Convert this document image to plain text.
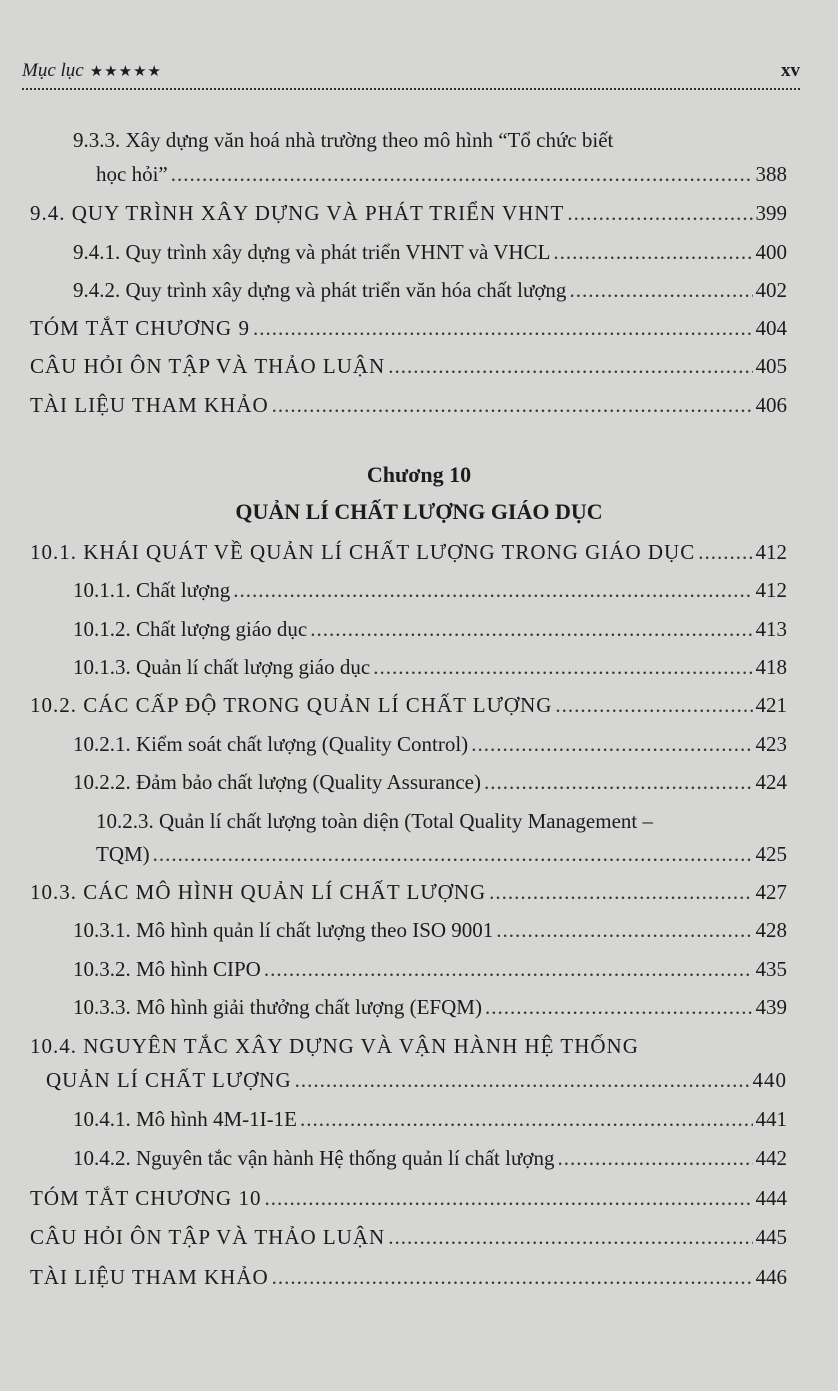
Mục lục ★★★★★	xv
9.3.3. Xây dựng văn hoá nhà trường theo mô hình “Tổ chức biết
học hỏi” .....	388
9.4. QUY TRÌNH XÂY DỰNG VÀ PHÁT TRIỂN VHNT .....	399
9.4.1. Quy trình xây dựng và phát triển VHNT và VHCL .....	400
9.4.2. Quy trình xây dựng và phát triển văn hóa chất lượng .....	402
TÓM TẮT CHƯƠNG 9 .....	404
CÂU HỎI ÔN TẬP VÀ THẢO LUẬN .....	405
TÀI LIỆU THAM KHẢO .....	406
Chương 10
QUẢN LÍ CHẤT LƯỢNG GIÁO DỤC
10.1. KHÁI QUÁT VỀ QUẢN LÍ CHẤT LƯỢNG TRONG GIÁO DỤC .....	412
10.1.1. Chất lượng .....	412
10.1.2. Chất lượng giáo dục .....	413
10.1.3. Quản lí chất lượng giáo dục .....	418
10.2. CÁC CẤP ĐỘ TRONG QUẢN LÍ CHẤT LƯỢNG .....	421
10.2.1. Kiểm soát chất lượng (Quality Control) .....	423
10.2.2. Đảm bảo chất lượng (Quality Assurance) .....	424
10.2.3. Quản lí chất lượng toàn diện (Total Quality Management –
TQM) .....	425
10.3. CÁC MÔ HÌNH QUẢN LÍ CHẤT LƯỢNG .....	427
10.3.1. Mô hình quản lí chất lượng theo ISO 9001 .....	428
10.3.2. Mô hình CIPO .....	435
10.3.3. Mô hình giải thưởng chất lượng (EFQM) .....	439
10.4. NGUYÊN TẮC XÂY DỰNG VÀ VẬN HÀNH HỆ THỐNG
QUẢN LÍ CHẤT LƯỢNG .....	440
10.4.1. Mô hình 4M-1I-1E .....	441
10.4.2. Nguyên tắc vận hành Hệ thống quản lí chất lượng .....	442
TÓM TẮT CHƯƠNG 10 .....	444
CÂU HỎI ÔN TẬP VÀ THẢO LUẬN .....	445
TÀI LIỆU THAM KHẢO .....	446
